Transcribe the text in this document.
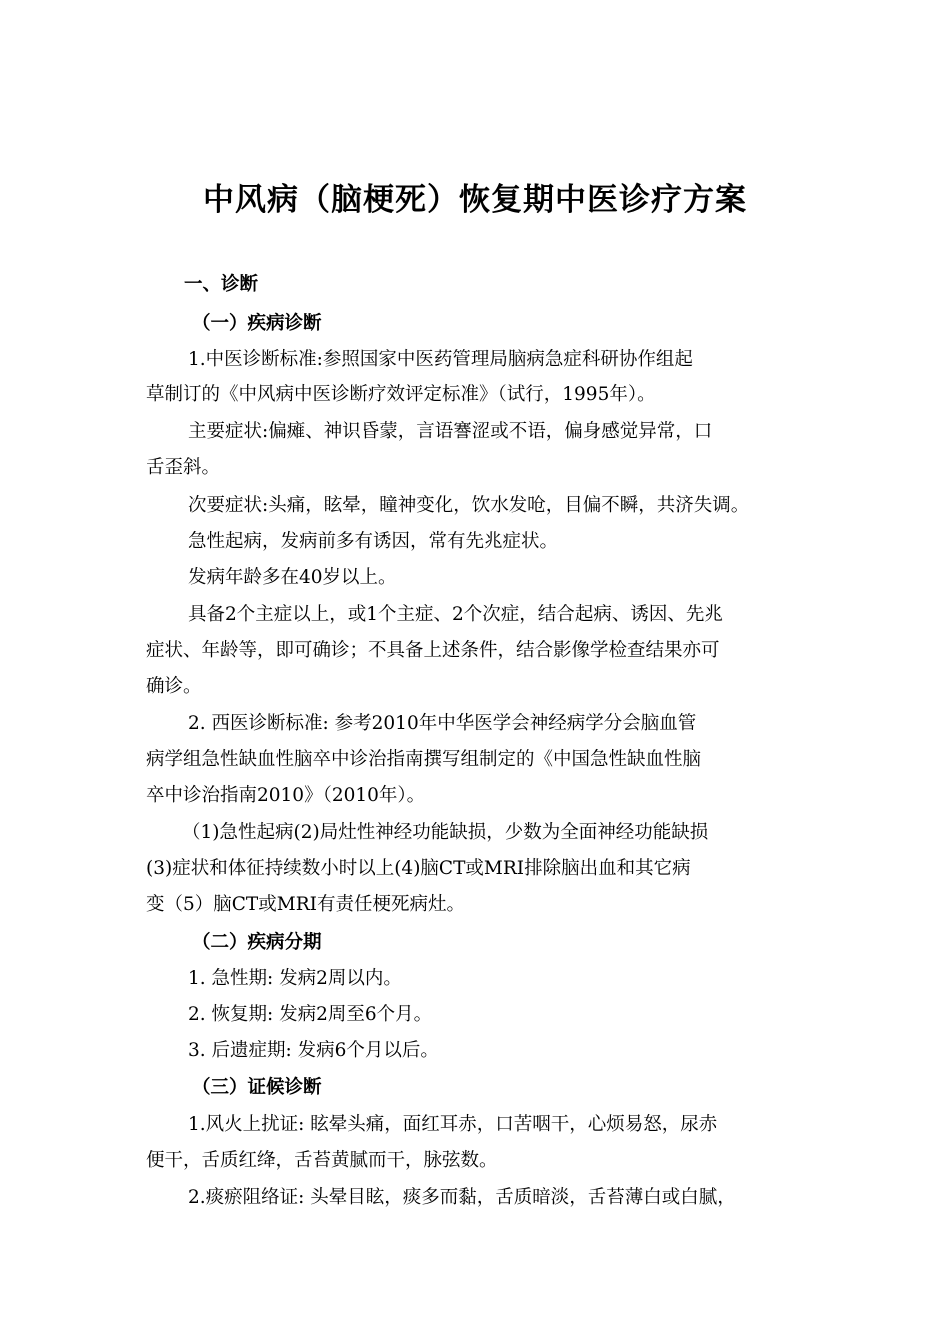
中风病（脑梗死）恢复期中医诊疗方案

一、诊断

（一）疾病诊断

1.中医诊断标准:参照国家中医药管理局脑病急症科研协作组起

草制订的《中风病中医诊断疗效评定标准》（试行，1995年）。

主要症状:偏瘫、神识昏蒙，言语謇涩或不语，偏身感觉异常，口

舌歪斜。

次要症状:头痛，眩晕，瞳神变化，饮水发呛，目偏不瞬，共济失调。

急性起病，发病前多有诱因，常有先兆症状。

发病年龄多在40岁以上。

具备2个主症以上，或1个主症、2个次症，结合起病、诱因、先兆

症状、年龄等，即可确诊；不具备上述条件，结合影像学检查结果亦可

确诊。

2. 西医诊断标准: 参考2010年中华医学会神经病学分会脑血管

病学组急性缺血性脑卒中诊治指南撰写组制定的《中国急性缺血性脑

卒中诊治指南2010》（2010年）。

（1)急性起病(2)局灶性神经功能缺损，少数为全面神经功能缺损

(3)症状和体征持续数小时以上(4)脑CT或MRI排除脑出血和其它病

变（5）脑CT或MRI有责任梗死病灶。

（二）疾病分期

1. 急性期: 发病2周以内。

2. 恢复期: 发病2周至6个月。

3. 后遗症期: 发病6个月以后。

（三）证候诊断

1.风火上扰证: 眩晕头痛，面红耳赤，口苦咽干，心烦易怒，尿赤

便干，舌质红绛，舌苔黄腻而干，脉弦数。

2.痰瘀阻络证: 头晕目眩，痰多而黏，舌质暗淡，舌苔薄白或白腻，
